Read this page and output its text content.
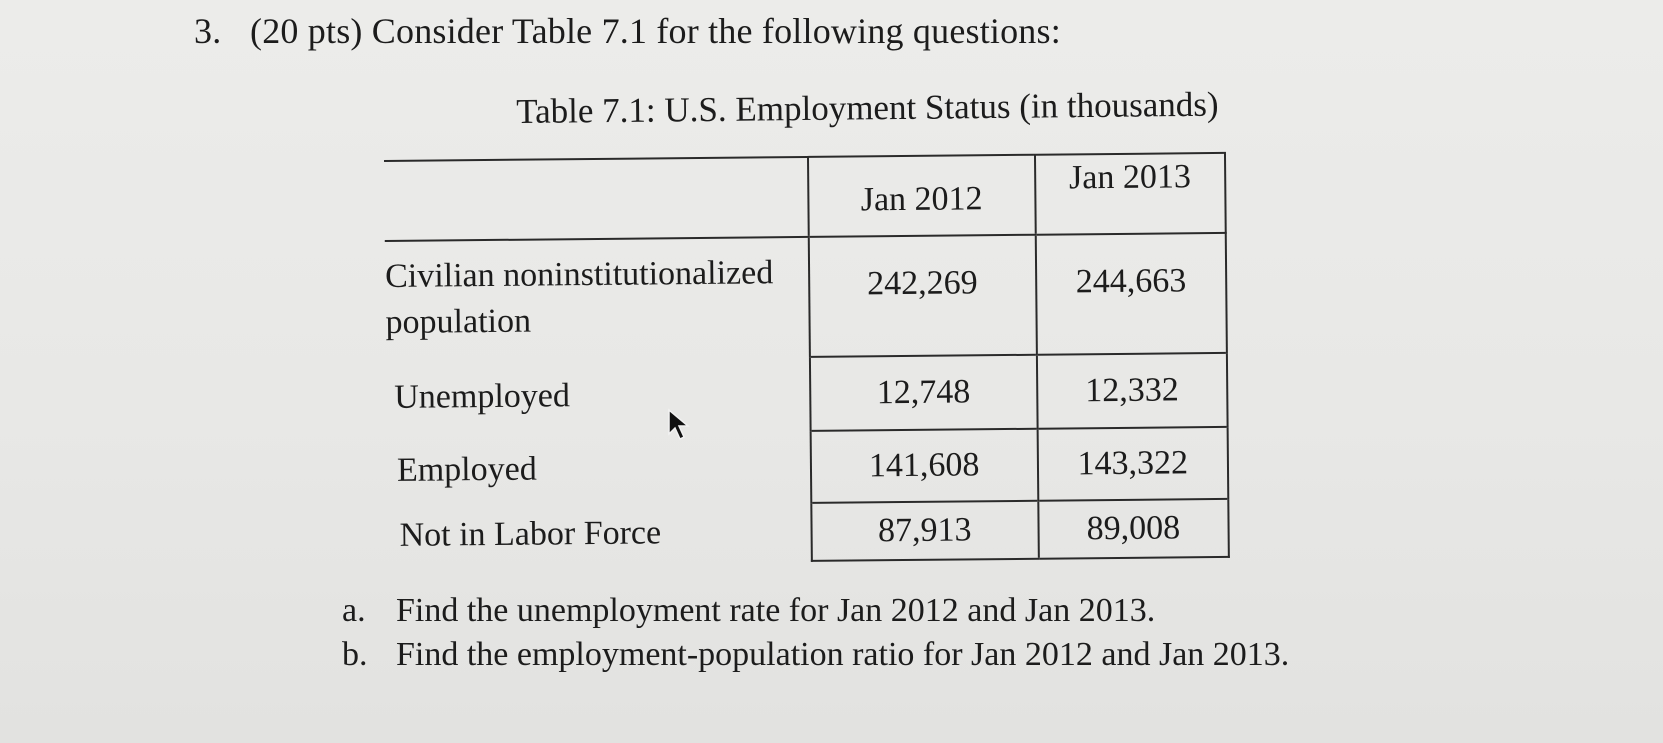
3. (20 pts) Consider Table 7.1 for the following questions:
Table 7.1: U.S. Employment Status (in thousands)
	Jan 2012	Jan 2013

Civilian noninstitutionalized
population	242,269	244,663
Unemployed	12,748	12,332
Employed	141,608	143,322
Not in Labor Force	87,913	89,008
a. Find the unemployment rate for Jan 2012 and Jan 2013.
b. Find the employment-population ratio for Jan 2012 and Jan 2013.
